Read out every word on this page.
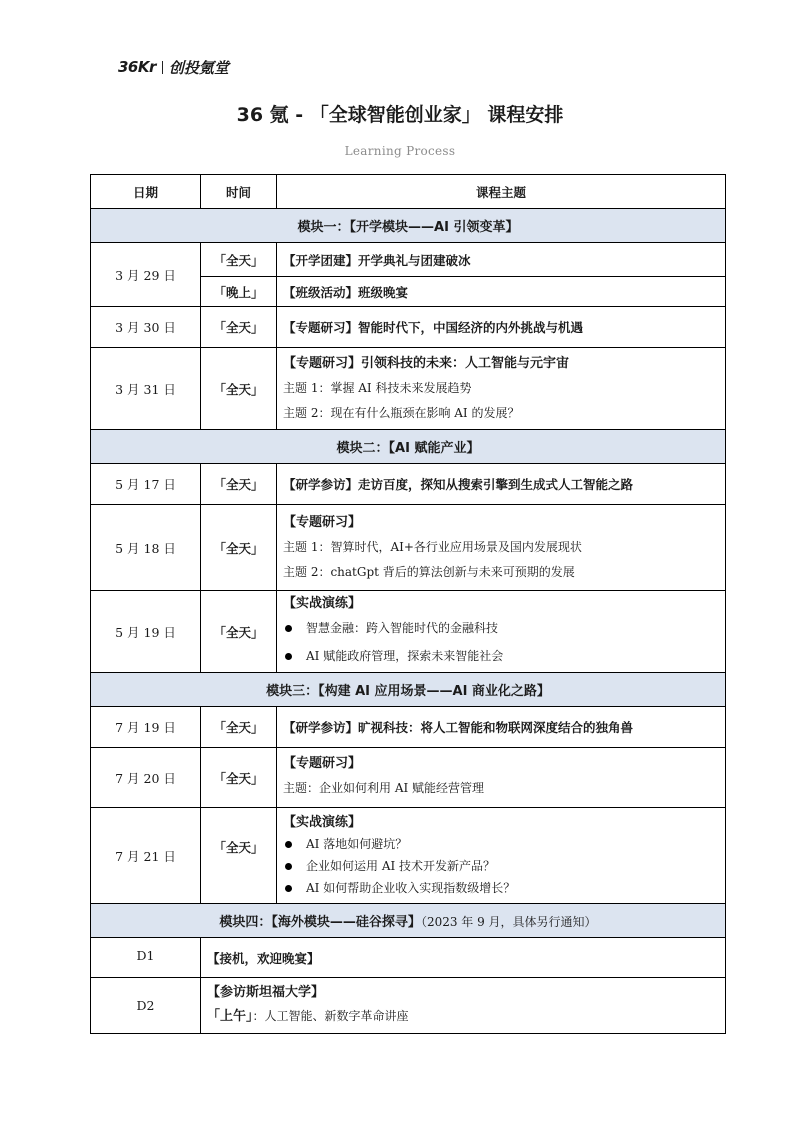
36Kr 创投氪堂
36 氪 - 「全球智能创业家」 课程安排
Learning Process
日期	时间	课程主题
模块一：【开学模块——AI 引领变革】		
3 月 29 日	「全天」	【开学团建】开学典礼与团建破冰
	「晚上」	【班级活动】班级晚宴
3 月 30 日	「全天」	【专题研习】智能时代下，中国经济的内外挑战与机遇
3 月 31 日	「全天」	【专题研习】引领科技的未来：人工智能与元宇宙
主题 1：掌握 AI 科技未来发展趋势
主题 2：现在有什么瓶颈在影响 AI 的发展？

模块二：【AI 赋能产业】		
5 月 17 日	「全天」	【研学参访】走访百度，探知从搜索引擎到生成式人工智能之路
5 月 18 日	「全天」	【专题研习】
主题 1：智算时代，AI+各行业应用场景及国内发展现状
主题 2：chatGpt 背后的算法创新与未来可预期的发展

5 月 19 日	「全天」	【实战演练】
智慧金融：跨入智能时代的金融科技
AI 赋能政府管理，探索未来智能社会

模块三：【构建 AI 应用场景——AI 商业化之路】		
7 月 19 日	「全天」	【研学参访】旷视科技：将人工智能和物联网深度结合的独角兽
7 月 20 日	「全天」	【专题研习】
主题：企业如何利用 AI 赋能经营管理

7 月 21 日	「全天」	【实战演练】
AI 落地如何避坑？
企业如何运用 AI 技术开发新产品？
AI 如何帮助企业收入实现指数级增长？

模块四：【海外模块——硅谷探寻】（2023 年 9 月，具体另行通知）		
D1	【接机，欢迎晚宴】	
D2	【参访斯坦福大学】
「上午」：人工智能、新数字革命讲座	
